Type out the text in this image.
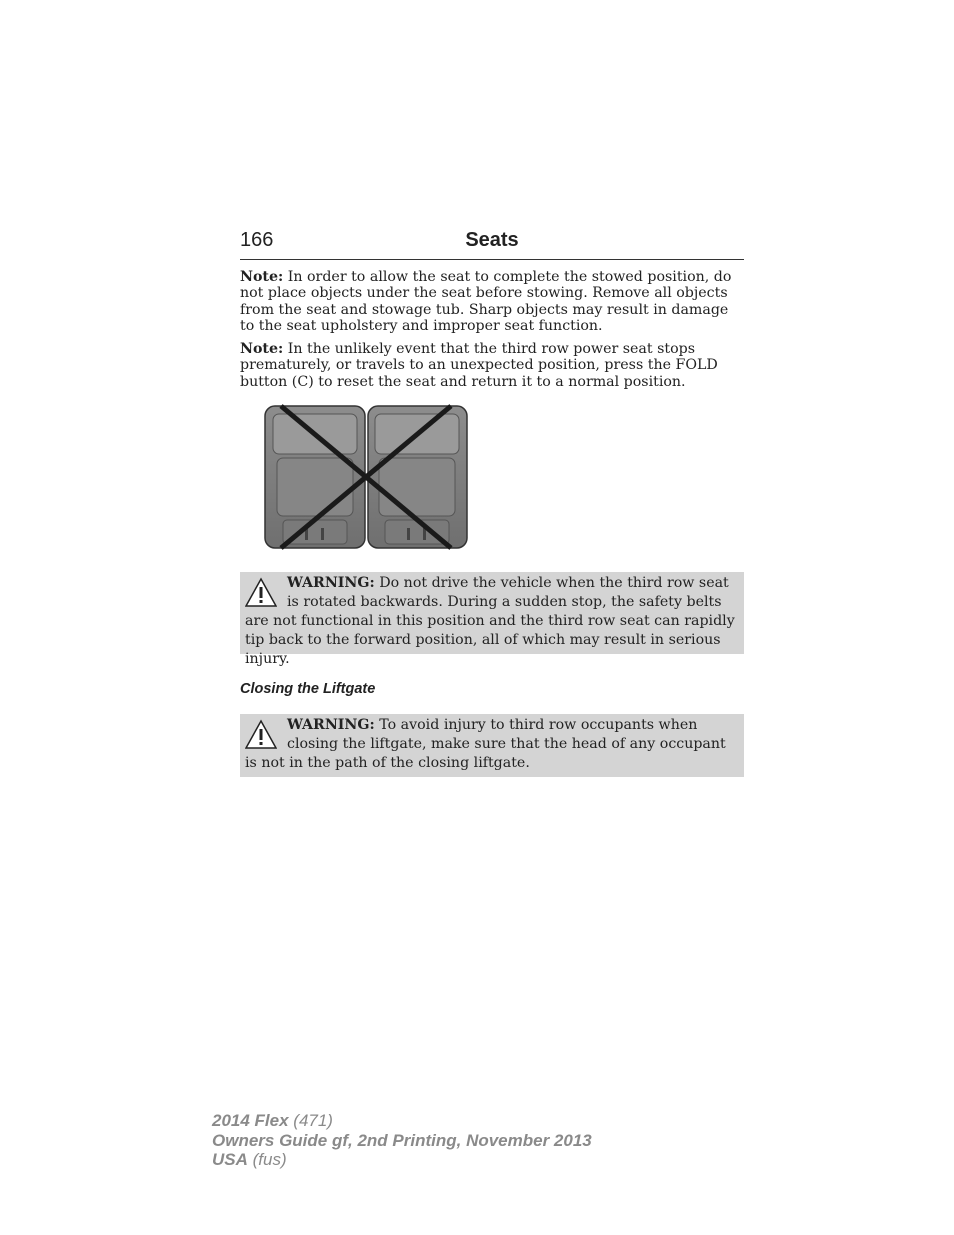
166	Seats

Note: In order to allow the seat to complete the stowed position, do not place objects under the seat before stowing. Remove all objects from the seat and stowage tub. Sharp objects may result in damage to the seat upholstery and improper seat function.

Note: In the unlikely event that the third row power seat stops prematurely, or travels to an unexpected position, press the FOLD button (C) to reset the seat and return it to a normal position.

WARNING: Do not drive the vehicle when the third row seat is rotated backwards. During a sudden stop, the safety belts are not functional in this position and the third row seat can rapidly tip back to the forward position, all of which may result in serious injury.
Closing the Liftgate
WARNING: To avoid injury to third row occupants when closing the liftgate, make sure that the head of any occupant is not in the path of the closing liftgate.
2014 Flex (471)
Owners Guide gf, 2nd Printing, November 2013
USA (fus)
